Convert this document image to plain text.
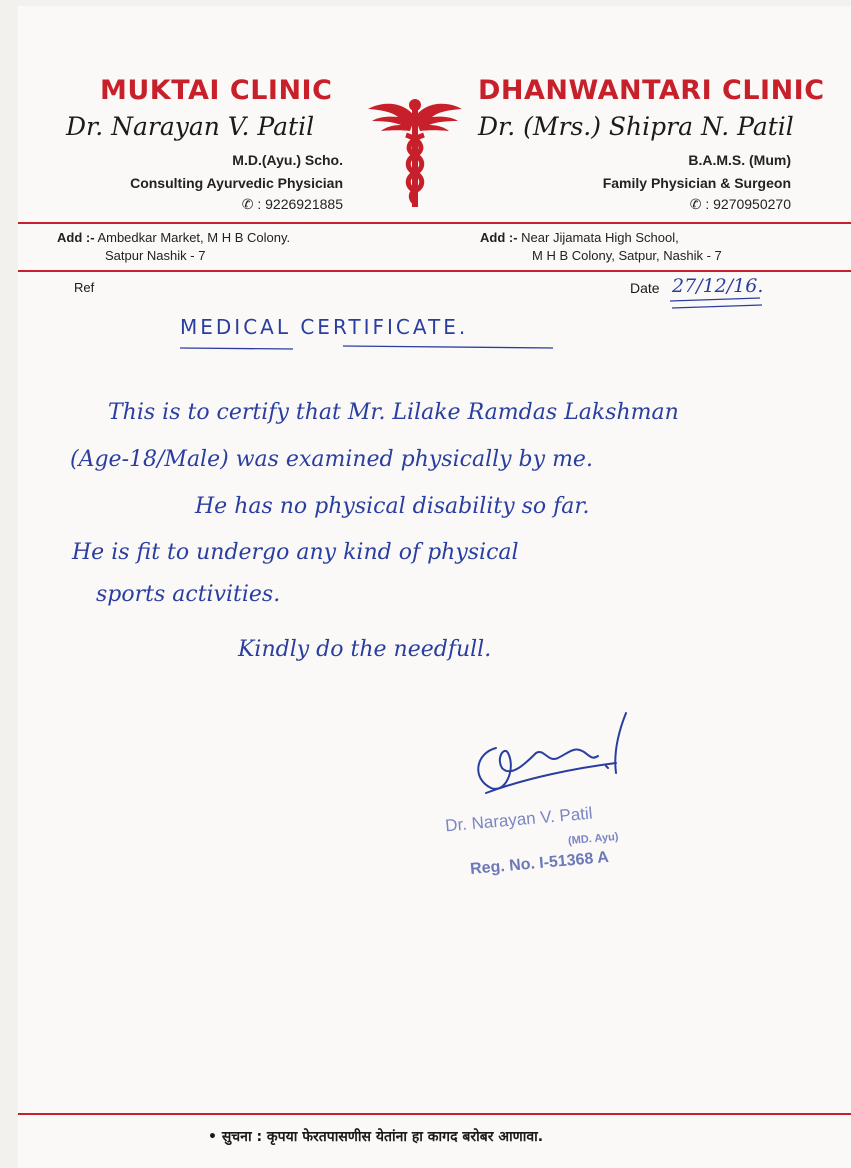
MUKTAI CLINIC
Dr. Narayan V. Patil
M.D.(Ayu.) Scho.
Consulting Ayurvedic Physician
✆ : 9226921885
DHANWANTARI CLINIC
Dr. (Mrs.) Shipra N. Patil
B.A.M.S. (Mum)
Family Physician & Surgeon
✆ : 9270950270
Add :- Ambedkar Market, M H B Colony.
Satpur Nashik - 7
Add :- Near Jijamata High School,
M H B Colony, Satpur, Nashik - 7
Ref	Date 27/12/16.
MEDICAL CERTIFICATE.
This is to certify that Mr. Lilake Ramdas Lakshman
(Age-18/Male) was examined physically by me.
He has no physical disability so far.
He is fit to undergo any kind of physical
sports activities.
Kindly do the needfull.
Dr. Narayan V. Patil
(MD. Ayu)
Reg. No. I-51368 A
• सुचना : कृपया फेरतपासणीस येतांना हा कागद बरोबर आणावा.
